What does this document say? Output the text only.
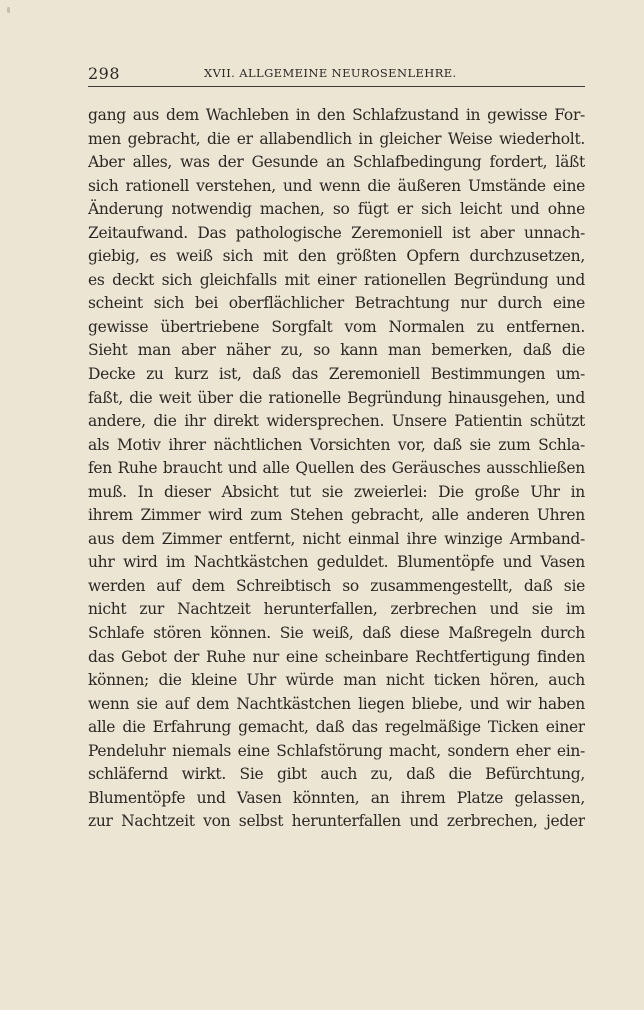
298	XVII. ALLGEMEINE NEUROSENLEHRE.
gang aus dem Wachleben in den Schlafzustand in gewisse For-
men gebracht, die er allabendlich in gleicher Weise wiederholt.
Aber alles, was der Gesunde an Schlafbedingung fordert, läßt
sich rationell verstehen, und wenn die äußeren Umstände eine
Änderung notwendig machen, so fügt er sich leicht und ohne
Zeitaufwand. Das pathologische Zeremoniell ist aber unnach-
giebig, es weiß sich mit den größten Opfern durchzusetzen,
es deckt sich gleichfalls mit einer rationellen Begründung und
scheint sich bei oberflächlicher Betrachtung nur durch eine
gewisse übertriebene Sorgfalt vom Normalen zu entfernen.
Sieht man aber näher zu, so kann man bemerken, daß die
Decke zu kurz ist, daß das Zeremoniell Bestimmungen um-
faßt, die weit über die rationelle Begründung hinausgehen, und
andere, die ihr direkt widersprechen. Unsere Patientin schützt
als Motiv ihrer nächtlichen Vorsichten vor, daß sie zum Schla-
fen Ruhe braucht und alle Quellen des Geräusches ausschließen
muß. In dieser Absicht tut sie zweierlei: Die große Uhr in
ihrem Zimmer wird zum Stehen gebracht, alle anderen Uhren
aus dem Zimmer entfernt, nicht einmal ihre winzige Armband-
uhr wird im Nachtkästchen geduldet. Blumentöpfe und Vasen
werden auf dem Schreibtisch so zusammengestellt, daß sie
nicht zur Nachtzeit herunterfallen, zerbrechen und sie im
Schlafe stören können. Sie weiß, daß diese Maßregeln durch
das Gebot der Ruhe nur eine scheinbare Rechtfertigung finden
können; die kleine Uhr würde man nicht ticken hören, auch
wenn sie auf dem Nachtkästchen liegen bliebe, und wir haben
alle die Erfahrung gemacht, daß das regelmäßige Ticken einer
Pendeluhr niemals eine Schlafstörung macht, sondern eher ein-
schläfernd wirkt. Sie gibt auch zu, daß die Befürchtung,
Blumentöpfe und Vasen könnten, an ihrem Platze gelassen,
zur Nachtzeit von selbst herunterfallen und zerbrechen, jeder
